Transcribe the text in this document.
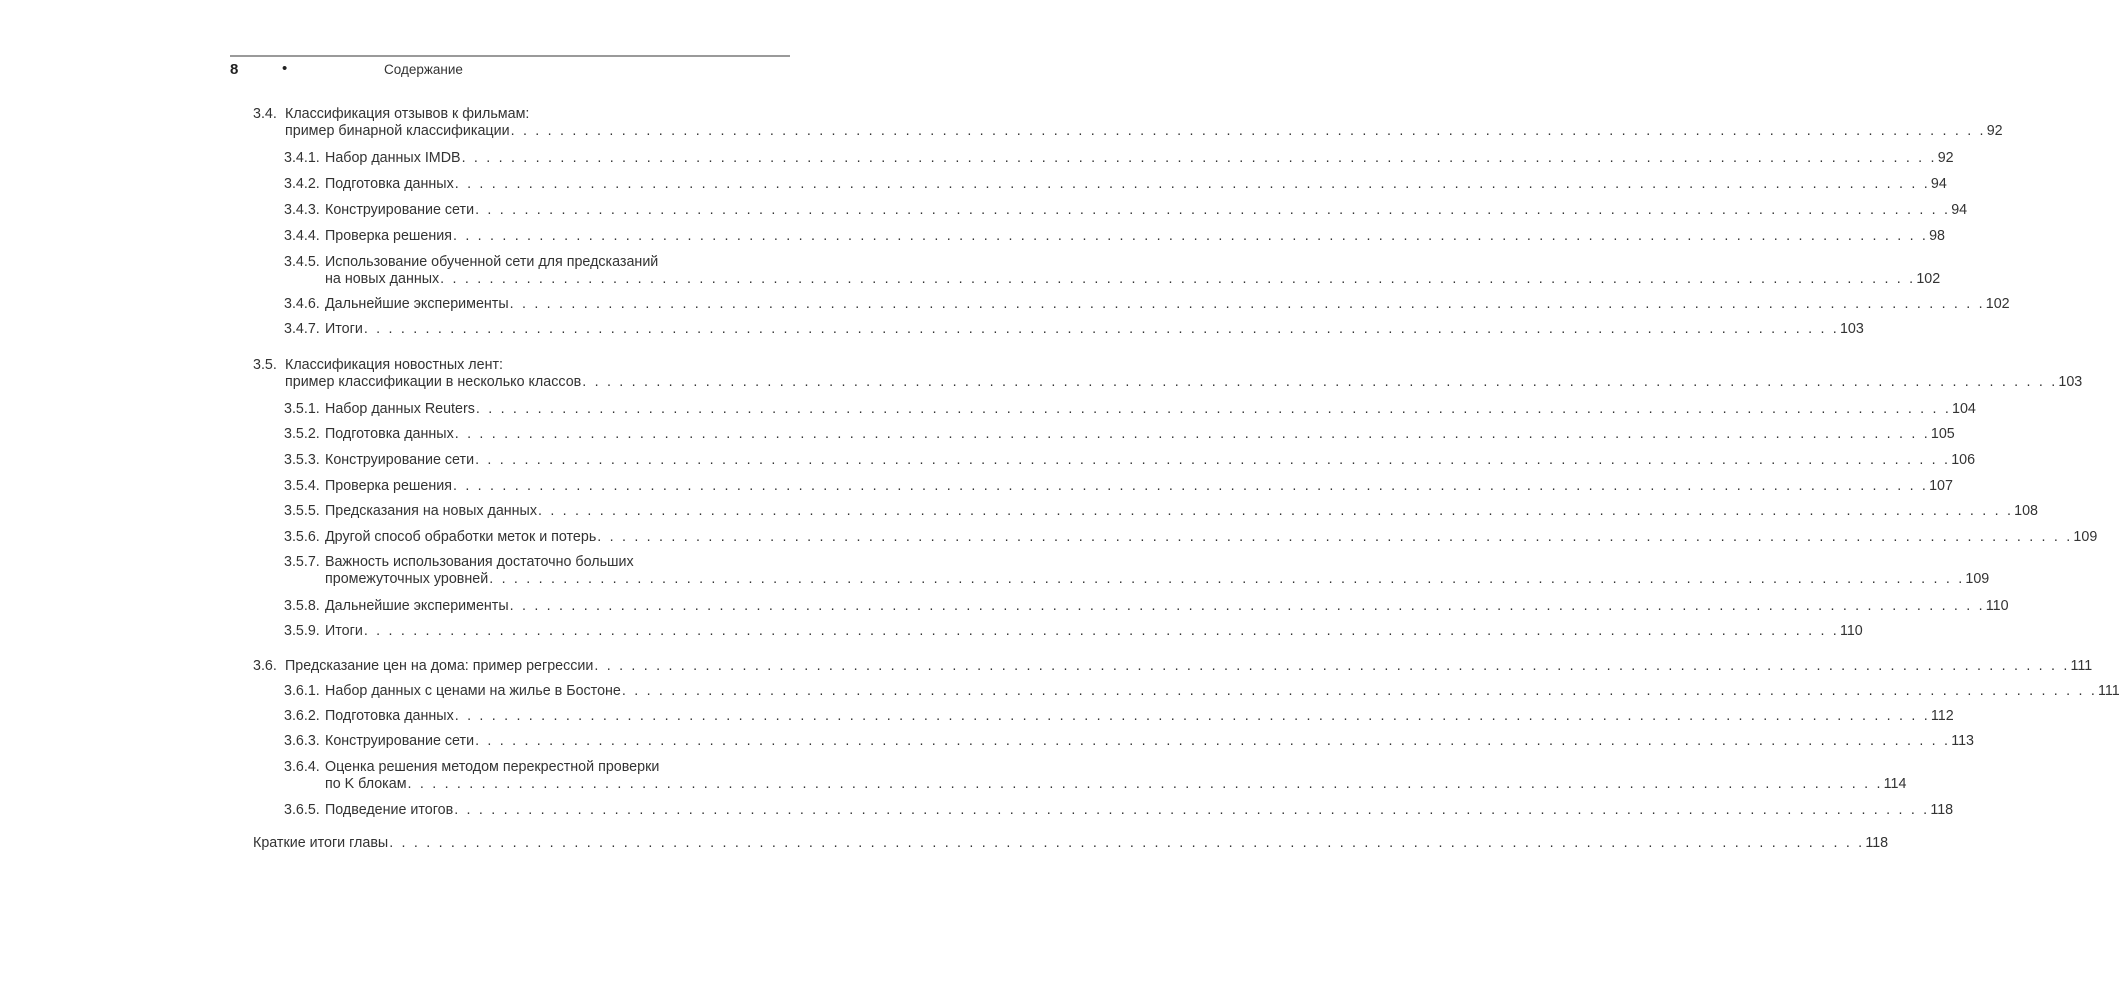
8	•	Содержание
3.4. Классификация отзывов к фильмам:
пример бинарной классификации . . . . . . . . . . . . . . . . . . . . . . . . . . . . . . . . . . . . . . . . . . . . . . . . . . . . . . . . . . . . . . . . . . . . . . . . . . . . . . . . . . . . . . . . . . . . . . . . . . . . . . . . . . . . . . . . . . . . . . . . 92
3.4.1. Набор данных IMDB . . . . . . . . . . . . . . . . . . . . . . . . . . . . . . . . . . . . . . . . . . . . . . . . . . . . . . . . . . . . . . . . . . . . . . . . . . . . . . . . . . . . . . . . . . . . . . . . . . . . . . . . . . . . . . . . . . . . . . . . 92
3.4.2. Подготовка данных . . . . . . . . . . . . . . . . . . . . . . . . . . . . . . . . . . . . . . . . . . . . . . . . . . . . . . . . . . . . . . . . . . . . . . . . . . . . . . . . . . . . . . . . . . . . . . . . . . . . . . . . . . . . . . . . . . . . . . . . 94
3.4.3. Конструирование сети . . . . . . . . . . . . . . . . . . . . . . . . . . . . . . . . . . . . . . . . . . . . . . . . . . . . . . . . . . . . . . . . . . . . . . . . . . . . . . . . . . . . . . . . . . . . . . . . . . . . . . . . . . . . . . . . . . . . . . . . 94
3.4.4. Проверка решения . . . . . . . . . . . . . . . . . . . . . . . . . . . . . . . . . . . . . . . . . . . . . . . . . . . . . . . . . . . . . . . . . . . . . . . . . . . . . . . . . . . . . . . . . . . . . . . . . . . . . . . . . . . . . . . . . . . . . . . . 98
3.4.5. Использование обученной сети для предсказаний
на новых данных . . . . . . . . . . . . . . . . . . . . . . . . . . . . . . . . . . . . . . . . . . . . . . . . . . . . . . . . . . . . . . . . . . . . . . . . . . . . . . . . . . . . . . . . . . . . . . . . . . . . . . . . . . . . . . . . . . . . . . . . 102
3.4.6. Дальнейшие эксперименты . . . . . . . . . . . . . . . . . . . . . . . . . . . . . . . . . . . . . . . . . . . . . . . . . . . . . . . . . . . . . . . . . . . . . . . . . . . . . . . . . . . . . . . . . . . . . . . . . . . . . . . . . . . . . . . . . . . . . . . . 102
3.4.7. Итоги . . . . . . . . . . . . . . . . . . . . . . . . . . . . . . . . . . . . . . . . . . . . . . . . . . . . . . . . . . . . . . . . . . . . . . . . . . . . . . . . . . . . . . . . . . . . . . . . . . . . . . . . . . . . . . . . . . . . . . . . 103
3.5. Классификация новостных лент:
пример классификации в несколько классов . . . . . . . . . . . . . . . . . . . . . . . . . . . . . . . . . . . . . . . . . . . . . . . . . . . . . . . . . . . . . . . . . . . . . . . . . . . . . . . . . . . . . . . . . . . . . . . . . . . . . . . . . . . . . . . . . . . . . . . . 103
3.5.1. Набор данных Reuters . . . . . . . . . . . . . . . . . . . . . . . . . . . . . . . . . . . . . . . . . . . . . . . . . . . . . . . . . . . . . . . . . . . . . . . . . . . . . . . . . . . . . . . . . . . . . . . . . . . . . . . . . . . . . . . . . . . . . . . . 104
3.5.2. Подготовка данных . . . . . . . . . . . . . . . . . . . . . . . . . . . . . . . . . . . . . . . . . . . . . . . . . . . . . . . . . . . . . . . . . . . . . . . . . . . . . . . . . . . . . . . . . . . . . . . . . . . . . . . . . . . . . . . . . . . . . . . . 105
3.5.3. Конструирование сети . . . . . . . . . . . . . . . . . . . . . . . . . . . . . . . . . . . . . . . . . . . . . . . . . . . . . . . . . . . . . . . . . . . . . . . . . . . . . . . . . . . . . . . . . . . . . . . . . . . . . . . . . . . . . . . . . . . . . . . . 106
3.5.4. Проверка решения . . . . . . . . . . . . . . . . . . . . . . . . . . . . . . . . . . . . . . . . . . . . . . . . . . . . . . . . . . . . . . . . . . . . . . . . . . . . . . . . . . . . . . . . . . . . . . . . . . . . . . . . . . . . . . . . . . . . . . . . 107
3.5.5. Предсказания на новых данных . . . . . . . . . . . . . . . . . . . . . . . . . . . . . . . . . . . . . . . . . . . . . . . . . . . . . . . . . . . . . . . . . . . . . . . . . . . . . . . . . . . . . . . . . . . . . . . . . . . . . . . . . . . . . . . . . . . . . . . . 108
3.5.6. Другой способ обработки меток и потерь . . . . . . . . . . . . . . . . . . . . . . . . . . . . . . . . . . . . . . . . . . . . . . . . . . . . . . . . . . . . . . . . . . . . . . . . . . . . . . . . . . . . . . . . . . . . . . . . . . . . . . . . . . . . . . . . . . . . . . . . 109
3.5.7. Важность использования достаточно больших
промежуточных уровней . . . . . . . . . . . . . . . . . . . . . . . . . . . . . . . . . . . . . . . . . . . . . . . . . . . . . . . . . . . . . . . . . . . . . . . . . . . . . . . . . . . . . . . . . . . . . . . . . . . . . . . . . . . . . . . . . . . . . . . . 109
3.5.8. Дальнейшие эксперименты . . . . . . . . . . . . . . . . . . . . . . . . . . . . . . . . . . . . . . . . . . . . . . . . . . . . . . . . . . . . . . . . . . . . . . . . . . . . . . . . . . . . . . . . . . . . . . . . . . . . . . . . . . . . . . . . . . . . . . . . 110
3.5.9. Итоги . . . . . . . . . . . . . . . . . . . . . . . . . . . . . . . . . . . . . . . . . . . . . . . . . . . . . . . . . . . . . . . . . . . . . . . . . . . . . . . . . . . . . . . . . . . . . . . . . . . . . . . . . . . . . . . . . . . . . . . . 110
3.6. Предсказание цен на дома: пример регрессии . . . . . . . . . . . . . . . . . . . . . . . . . . . . . . . . . . . . . . . . . . . . . . . . . . . . . . . . . . . . . . . . . . . . . . . . . . . . . . . . . . . . . . . . . . . . . . . . . . . . . . . . . . . . . . . . . . . . . . . . 111
3.6.1. Набор данных с ценами на жилье в Бостоне . . . . . . . . . . . . . . . . . . . . . . . . . . . . . . . . . . . . . . . . . . . . . . . . . . . . . . . . . . . . . . . . . . . . . . . . . . . . . . . . . . . . . . . . . . . . . . . . . . . . . . . . . . . . . . . . . . . . . . . . 111
3.6.2. Подготовка данных . . . . . . . . . . . . . . . . . . . . . . . . . . . . . . . . . . . . . . . . . . . . . . . . . . . . . . . . . . . . . . . . . . . . . . . . . . . . . . . . . . . . . . . . . . . . . . . . . . . . . . . . . . . . . . . . . . . . . . . . 112
3.6.3. Конструирование сети . . . . . . . . . . . . . . . . . . . . . . . . . . . . . . . . . . . . . . . . . . . . . . . . . . . . . . . . . . . . . . . . . . . . . . . . . . . . . . . . . . . . . . . . . . . . . . . . . . . . . . . . . . . . . . . . . . . . . . . . 113
3.6.4. Оценка решения методом перекрестной проверки
по K блокам . . . . . . . . . . . . . . . . . . . . . . . . . . . . . . . . . . . . . . . . . . . . . . . . . . . . . . . . . . . . . . . . . . . . . . . . . . . . . . . . . . . . . . . . . . . . . . . . . . . . . . . . . . . . . . . . . . . . . . . . 114
3.6.5. Подведение итогов . . . . . . . . . . . . . . . . . . . . . . . . . . . . . . . . . . . . . . . . . . . . . . . . . . . . . . . . . . . . . . . . . . . . . . . . . . . . . . . . . . . . . . . . . . . . . . . . . . . . . . . . . . . . . . . . . . . . . . . . 118
Краткие итоги главы . . . . . . . . . . . . . . . . . . . . . . . . . . . . . . . . . . . . . . . . . . . . . . . . . . . . . . . . . . . . . . . . . . . . . . . . . . . . . . . . . . . . . . . . . . . . . . . . . . . . . . . . . . . . . . . . . . . . . . . . 118
